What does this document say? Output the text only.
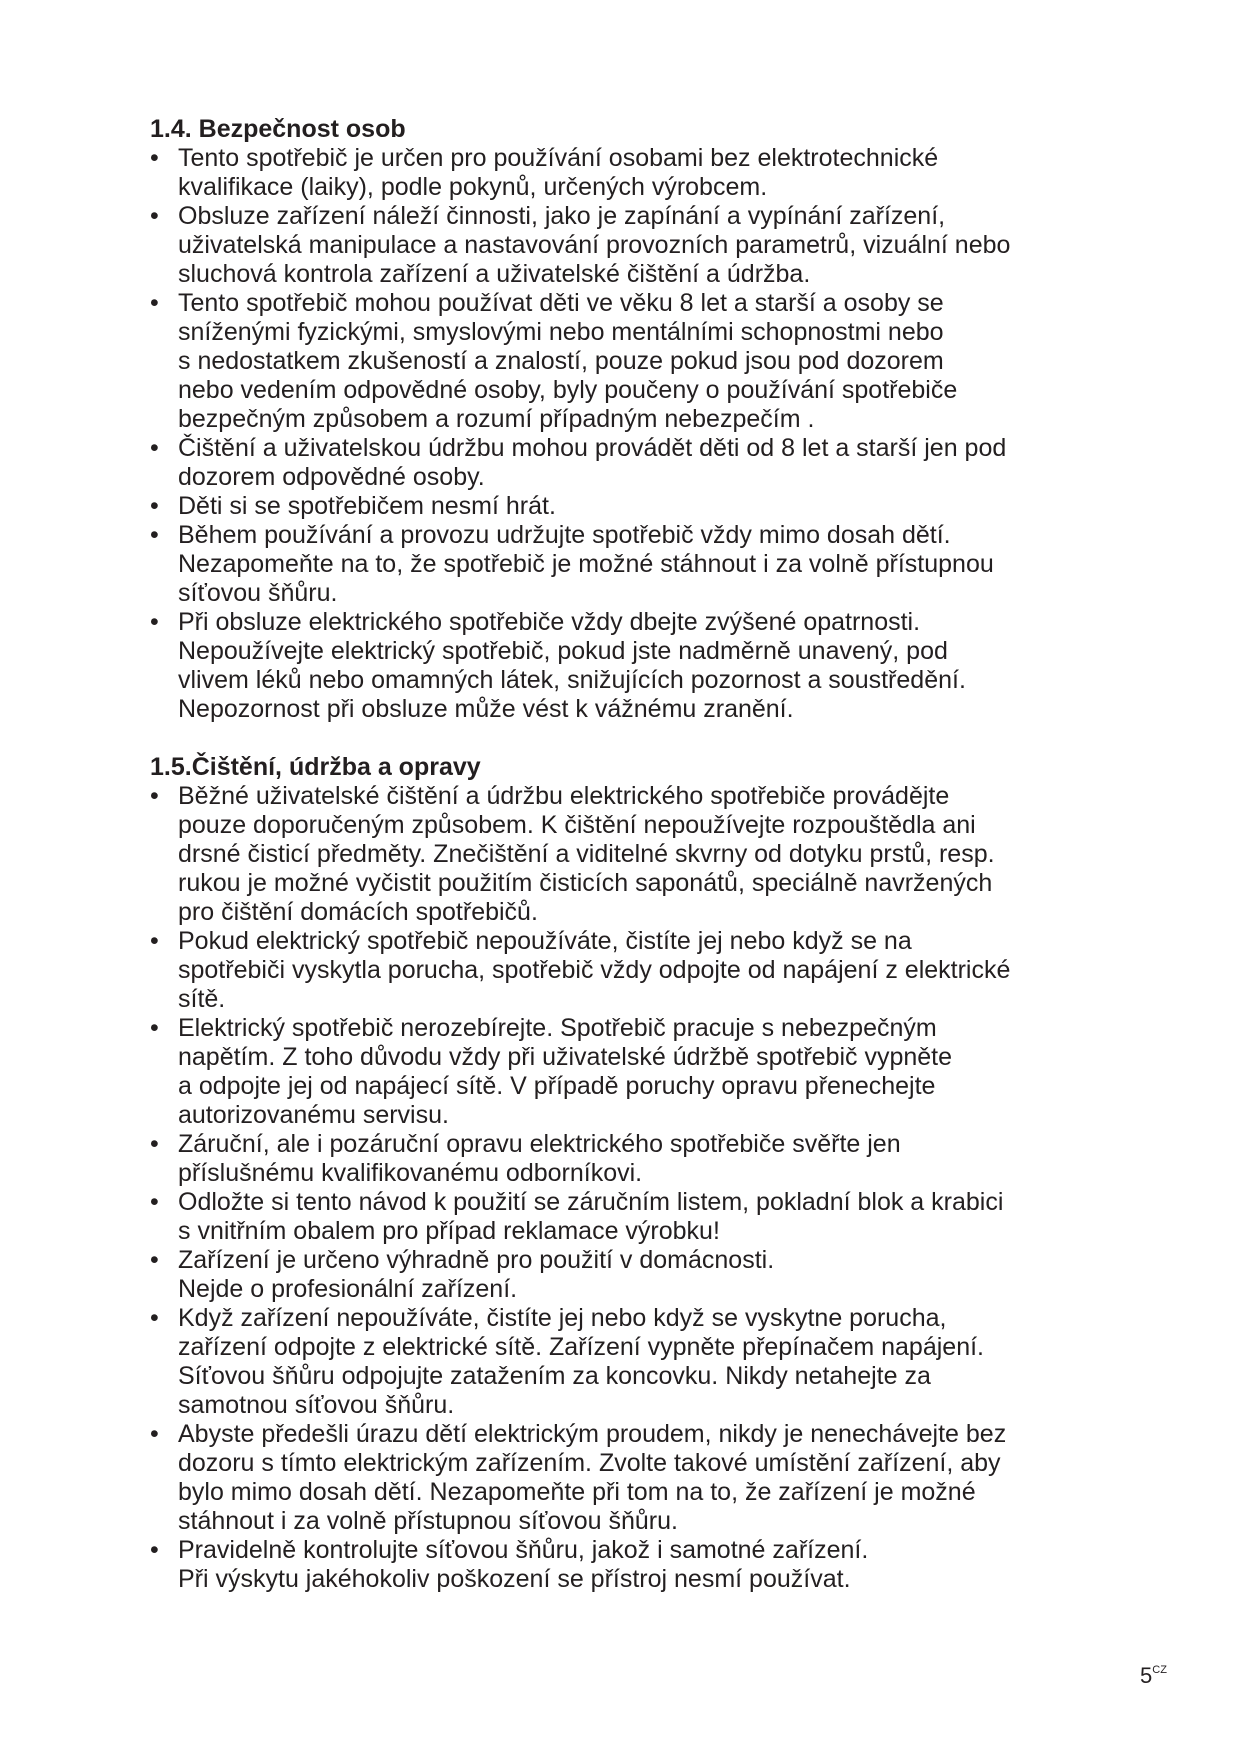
1.4. Bezpečnost osob
• Tento spotřebič je určen pro používání osobami bez elektrotechnické
kvalifikace (laiky), podle pokynů, určených výrobcem.
• Obsluze zařízení náleží činnosti, jako je zapínání a vypínání zařízení,
uživatelská manipulace a nastavování provozních parametrů, vizuální nebo
sluchová kontrola zařízení a uživatelské čištění a údržba.
• Tento spotřebič mohou používat děti ve věku 8 let a starší a osoby se
sníženými fyzickými, smyslovými nebo mentálními schopnostmi nebo
s nedostatkem zkušeností a znalostí, pouze pokud jsou pod dozorem
nebo vedením odpovědné osoby, byly poučeny o používání spotřebiče
bezpečným způsobem a rozumí případným nebezpečím .
• Čištění a uživatelskou údržbu mohou provádět děti od 8 let a starší jen pod
dozorem odpovědné osoby.
• Děti si se spotřebičem nesmí hrát.
• Během používání a provozu udržujte spotřebič vždy mimo dosah dětí.
Nezapomeňte na to, že spotřebič je možné stáhnout i za volně přístupnou
síťovou šňůru.
• Při obsluze elektrického spotřebiče vždy dbejte zvýšené opatrnosti.
Nepoužívejte elektrický spotřebič, pokud jste nadměrně unavený, pod
vlivem léků nebo omamných látek, snižujících pozornost a soustředění.
Nepozornost při obsluze může vést k vážnému zranění.
1.5.Čištění, údržba a opravy
• Běžné uživatelské čištění a údržbu elektrického spotřebiče provádějte
pouze doporučeným způsobem. K čištění nepoužívejte rozpouštědla ani
drsné čisticí předměty. Znečištění a viditelné skvrny od dotyku prstů, resp.
rukou je možné vyčistit použitím čisticích saponátů, speciálně navržených
pro čištění domácích spotřebičů.
• Pokud elektrický spotřebič nepoužíváte, čistíte jej nebo když se na
spotřebiči vyskytla porucha, spotřebič vždy odpojte od napájení z elektrické
sítě.
• Elektrický spotřebič nerozebírejte. Spotřebič pracuje s nebezpečným
napětím. Z toho důvodu vždy při uživatelské údržbě spotřebič vypněte
a odpojte jej od napájecí sítě. V případě poruchy opravu přenechejte
autorizovanému servisu.
• Záruční, ale i pozáruční opravu elektrického spotřebiče svěřte jen
příslušnému kvalifikovanému odborníkovi.
• Odložte si tento návod k použití se záručním listem, pokladní blok a krabici
s vnitřním obalem pro případ reklamace výrobku!
• Zařízení je určeno výhradně pro použití v domácnosti.
Nejde o profesionální zařízení.
• Když zařízení nepoužíváte, čistíte jej nebo když se vyskytne porucha,
zařízení odpojte z elektrické sítě. Zařízení vypněte přepínačem napájení.
Síťovou šňůru odpojujte zatažením za koncovku. Nikdy netahejte za
samotnou síťovou šňůru.
• Abyste předešli úrazu dětí elektrickým proudem, nikdy je nenechávejte bez
dozoru s tímto elektrickým zařízením. Zvolte takové umístění zařízení, aby
bylo mimo dosah dětí. Nezapomeňte při tom na to, že zařízení je možné
stáhnout i za volně přístupnou síťovou šňůru.
• Pravidelně kontrolujte síťovou šňůru, jakož i samotné zařízení.
Při výskytu jakéhokoliv poškození se přístroj nesmí používat.
$5^{CZ}$
